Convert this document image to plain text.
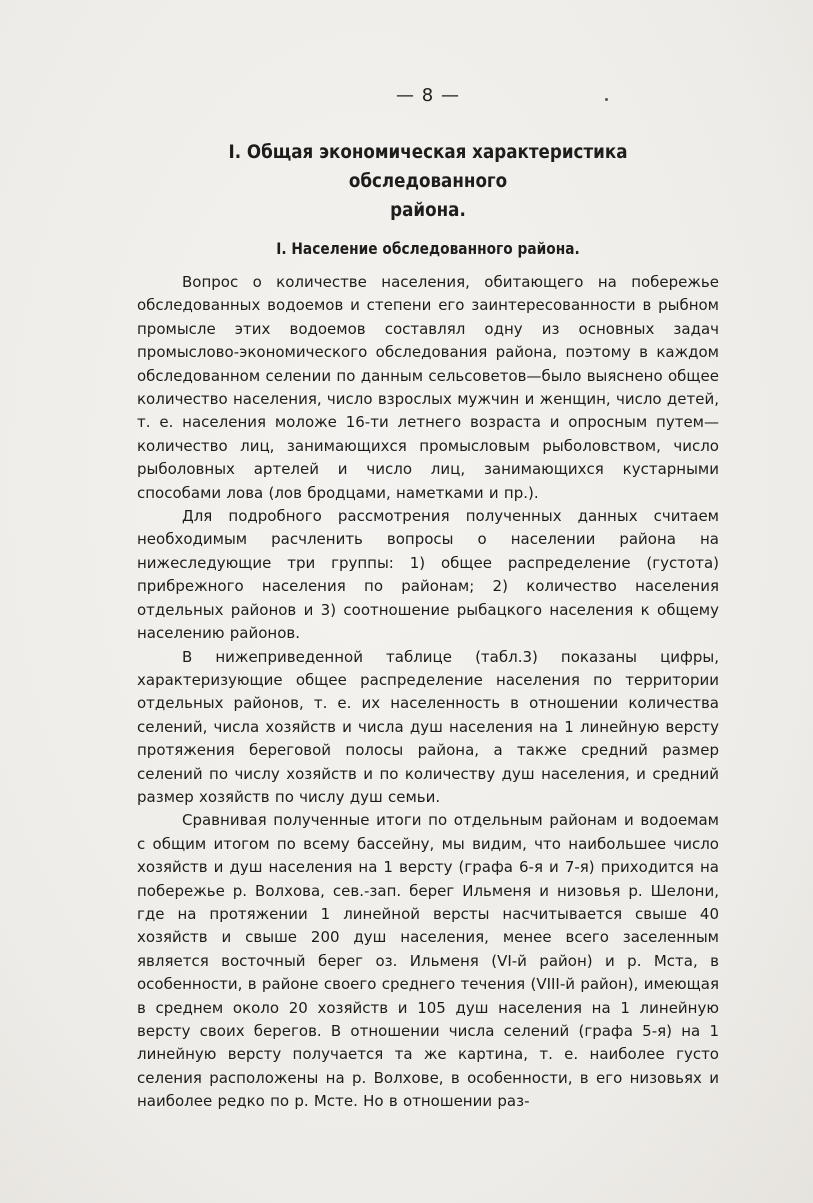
— 8 —
I. Общая экономическая характеристика обследованного
района.
I. Население обследованного района.

Вопрос о количестве населения, обитающего на побережье обследованных водоемов и степени его заинтересованности в рыбном промысле этих водоемов составлял одну из основных задач промыслово-экономического обследования района, поэтому в каждом обследованном селении по данным сельсоветов—было выяснено общее количество населения, число взрослых мужчин и женщин, число детей, т. е. населения моложе 16-ти летнего возраста и опросным путем—количество лиц, занимающихся промысловым рыболовством, число рыболовных артелей и число лиц, занимающихся кустарными способами лова (лов бродцами, наметками и пр.).

Для подробного рассмотрения полученных данных считаем необходимым расчленить вопросы о населении района на нижеследующие три группы: 1) общее распределение (густота) прибрежного населения по районам; 2) количество населения отдельных районов и 3) соотношение рыбацкого населения к общему населению районов.

В нижеприведенной таблице (табл.3) показаны цифры, характеризующие общее распределение населения по территории отдельных районов, т. е. их населенность в отношении количества селений, числа хозяйств и числа душ населения на 1 линейную версту протяжения береговой полосы района, а также средний размер селений по числу хозяйств и по количеству душ населения, и средний размер хозяйств по числу душ семьи.

Сравнивая полученные итоги по отдельным районам и водоемам с общим итогом по всему бассейну, мы видим, что наибольшее число хозяйств и душ населения на 1 версту (графа 6-я и 7-я) приходится на побережье р. Волхова, сев.-зап. берег Ильменя и низовья р. Шелони, где на протяжении 1 линейной версты насчитывается свыше 40 хозяйств и свыше 200 душ населения, менее всего заселенным является восточный берег оз. Ильменя (VI-й район) и р. Мста, в особенности, в районе своего среднего течения (VIII-й район), имеющая в среднем около 20 хозяйств и 105 душ населения на 1 линейную версту своих берегов. В отношении числа селений (графа 5-я) на 1 линейную версту получается та же картина, т. е. наиболее густо селения расположены на р. Волхове, в особенности, в его низовьях и наиболее редко по р. Мсте. Но в отношении раз-
